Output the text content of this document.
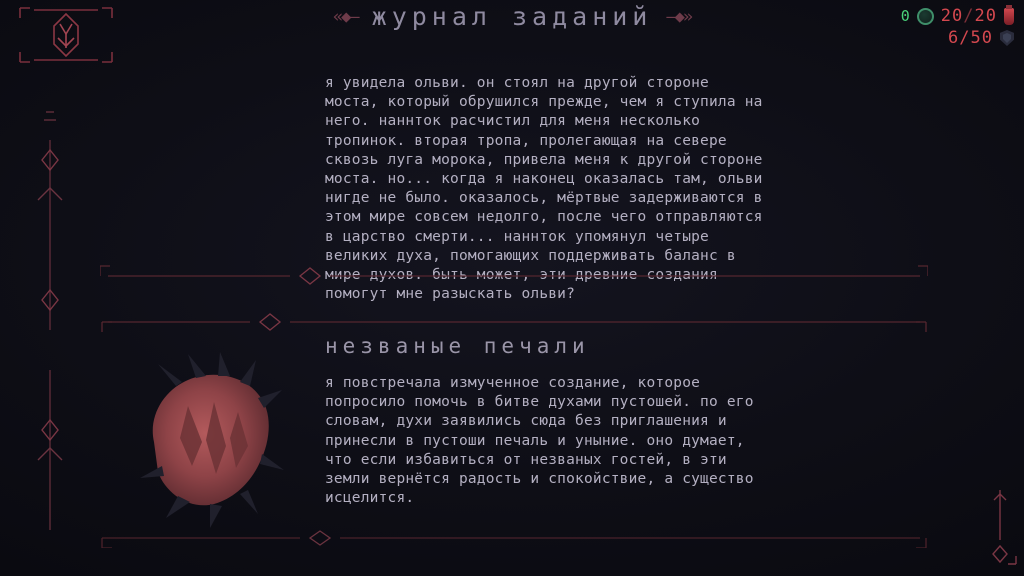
«◆— журнал заданий —◆»	0 20/20
6/50
я увидела ольви. он стоял на другой стороне моста, который обрушился прежде, чем я ступила на него. наннток расчистил для меня несколько тропинок. вторая тропа, пролегающая на севере сквозь луга морока, привела меня к другой стороне моста. но... когда я наконец оказалась там, ольви нигде не было. оказалось, мёртвые задерживаются в этом мире совсем недолго, после чего отправляются в царство смерти... наннток упомянул четыре великих духа, помогающих поддерживать баланс в мире духов. быть может, эти древние создания помогут мне разыскать ольви?
незваные печали
я повстречала измученное создание, которое попросило помочь в битве духами пустошей. по его словам, духи заявились сюда без приглашения и принесли в пустоши печаль и уныние. оно думает, что если избавиться от незваных гостей, в эти земли вернётся радость и спокойствие, а существо исцелится.
